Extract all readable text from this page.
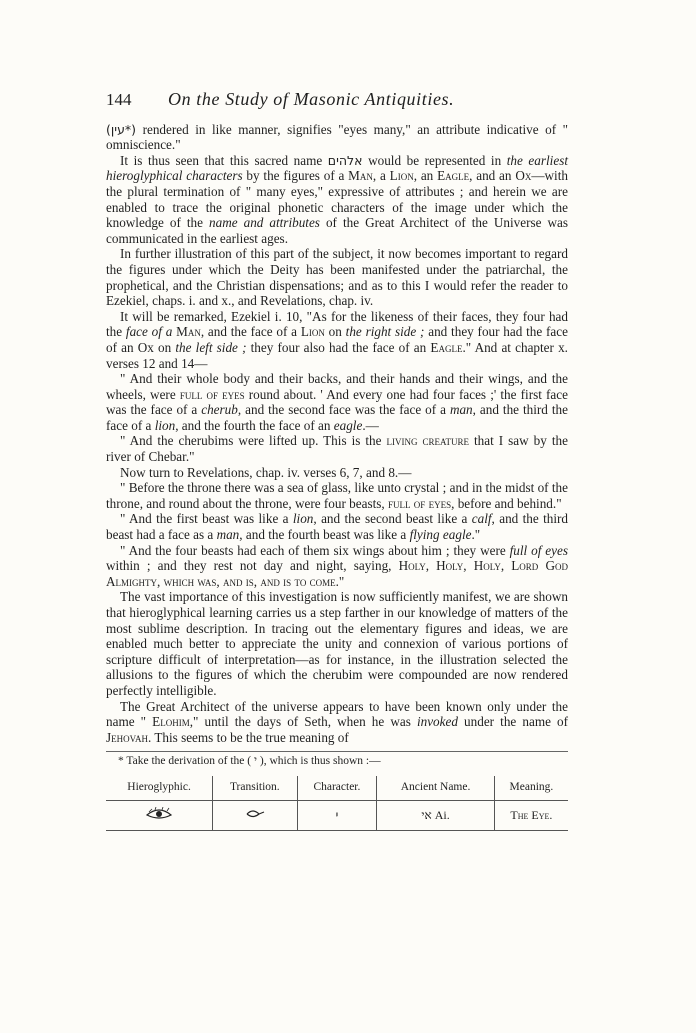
144	On the Study of Masonic Antiquities.

(עין*) rendered in like manner, signifies "eyes many," an attribute indicative of " omniscience."

It is thus seen that this sacred name אלהים would be represented in the earliest hieroglyphical characters by the figures of a Man, a Lion, an Eagle, and an Ox—with the plural termination of " many eyes," expressive of attributes ; and herein we are enabled to trace the original phonetic characters of the image under which the knowledge of the name and attributes of the Great Architect of the Universe was communicated in the earliest ages.

In further illustration of this part of the subject, it now becomes important to regard the figures under which the Deity has been manifested under the patriarchal, the prophetical, and the Christian dispensations; and as to this I would refer the reader to Ezekiel, chaps. i. and x., and Revelations, chap. iv.

It will be remarked, Ezekiel i. 10, "As for the likeness of their faces, they four had the face of a Man, and the face of a Lion on the right side ; and they four had the face of an Ox on the left side ; they four also had the face of an Eagle." And at chapter x. verses 12 and 14—

" And their whole body and their backs, and their hands and their wings, and the wheels, were full of eyes round about. ' And every one had four faces ;' the first face was the face of a cherub, and the second face was the face of a man, and the third the face of a lion, and the fourth the face of an eagle.—

" And the cherubims were lifted up. This is the living creature that I saw by the river of Chebar."

Now turn to Revelations, chap. iv. verses 6, 7, and 8.—

" Before the throne there was a sea of glass, like unto crystal ; and in the midst of the throne, and round about the throne, were four beasts, full of eyes, before and behind."

" And the first beast was like a lion, and the second beast like a calf, and the third beast had a face as a man, and the fourth beast was like a flying eagle."

" And the four beasts had each of them six wings about him ; they were full of eyes within ; and they rest not day and night, saying, Holy, Holy, Holy, Lord God Almighty, which was, and is, and is to come."

The vast importance of this investigation is now sufficiently manifest, we are shown that hieroglyphical learning carries us a step farther in our knowledge of matters of the most sublime description. In tracing out the elementary figures and ideas, we are enabled much better to appreciate the unity and connexion of various portions of scripture difficult of interpretation—as for instance, in the illustration selected the allusions to the figures of which the cherubim were compounded are now rendered perfectly intelligible.

The Great Architect of the universe appears to have been known only under the name " Elohim," until the days of Seth, when he was invoked under the name of Jehovah. This seems to be the true meaning of

* Take the derivation of the ( י ), which is thus shown :—
Hieroglyphic.	Transition.	Character.	Ancient Name.	Meaning.
		י	אי Ai.	The Eye.
